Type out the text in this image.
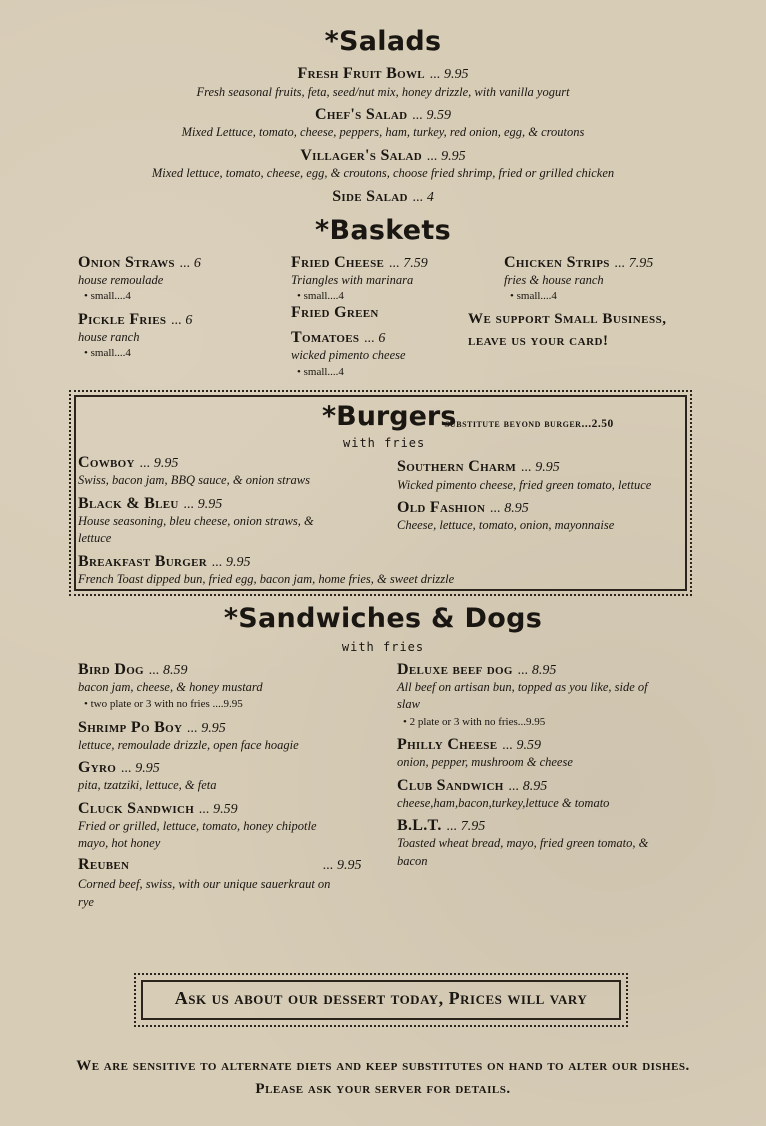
*Salads
Fresh Fruit Bowl ... 9.95
Fresh seasonal fruits, feta, seed/nut mix, honey drizzle, with vanilla yogurt
Chef's Salad ... 9.59
Mixed Lettuce, tomato, cheese, peppers, ham, turkey, red onion, egg, & croutons
Villager's Salad ... 9.95
Mixed lettuce, tomato, cheese, egg, & croutons, choose fried shrimp, fried or grilled chicken
Side Salad ... 4
*Baskets
Onion Straws ... 6
house remoulade
• small....4
Pickle Fries ... 6
house ranch
• small....4
Fried Cheese ... 7.59
Triangles with marinara
• small....4
Fried Green
Tomatoes ... 6
wicked pimento cheese
• small....4
Chicken Strips ... 7.95
fries & house ranch
• small....4
We support Small Business,
leave us your card!
*Burgers
substitute beyond burger...2.50
with fries
Cowboy ... 9.95
Swiss, bacon jam, BBQ sauce, & onion straws
Black & Bleu ... 9.95
House seasoning, bleu cheese, onion straws, &
lettuce
Breakfast Burger ... 9.95
French Toast dipped bun, fried egg, bacon jam, home fries, & sweet drizzle
Southern Charm ... 9.95
Wicked pimento cheese, fried green tomato, lettuce
Old Fashion ... 8.95
Cheese, lettuce, tomato, onion, mayonnaise
*Sandwiches & Dogs
with fries
Bird Dog ... 8.59
bacon jam, cheese, & honey mustard
• two plate or 3 with no fries ....9.95
Shrimp Po Boy ... 9.95
lettuce, remoulade drizzle, open face hoagie
Gyro ... 9.95
pita, tzatziki, lettuce, & feta
Cluck Sandwich ... 9.59
Fried or grilled, lettuce, tomato, honey chipotle
mayo, hot honey
Reuben	... 9.95
Corned beef, swiss, with our unique sauerkraut on
rye
Deluxe beef dog ... 8.95
All beef on artisan bun, topped as you like, side of
slaw
• 2 plate or 3 with no fries...9.95
Philly Cheese ... 9.59
onion, pepper, mushroom & cheese
Club Sandwich ... 8.95
cheese,ham,bacon,turkey,lettuce & tomato
B.L.T. ... 7.95
Toasted wheat bread, mayo, fried green tomato, &
bacon
Ask us about our dessert today, Prices will vary
We are sensitive to alternate diets and keep substitutes on hand to alter our dishes.
Please ask your server for details.
